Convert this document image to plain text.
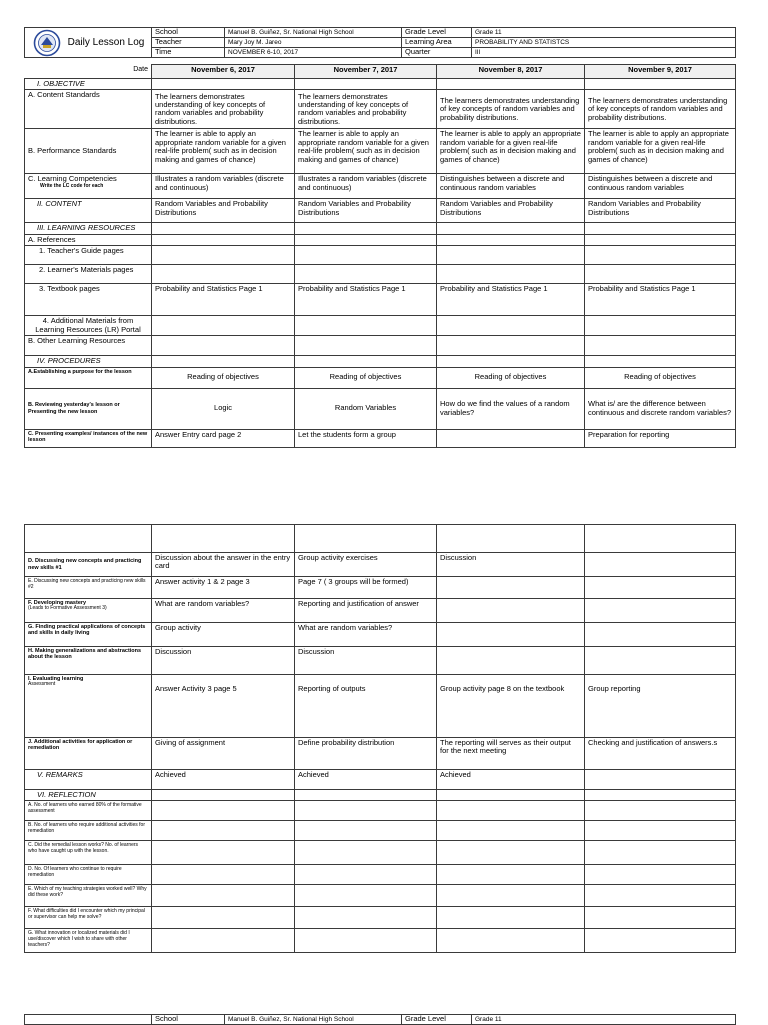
Daily Lesson Log	School	Manuel B. Guiñez, Sr. National High School	Grade Level	Grade 11
	Teacher	Mary Joy M. Jareo	Learning Area	PROBABILITY AND STATISTCS
	Time	NOVEMBER 6-10, 2017	Quarter	III
Date	November 6, 2017	November 7, 2017	November 8, 2017	November 9, 2017
I. OBJECTIVE				
A. Content Standards	The learners demonstrates understanding of key concepts of random variables and probability distributions.	The learners demonstrates understanding of key concepts of random variables and probability distributions.	The learners demonstrates understanding of key concepts of random variables and probability distributions.	The learners demonstrates understanding of key concepts of random variables and probability distributions.
B. Performance Standards	The learner is able to apply an appropriate random variable for a given real-life problem( such as in decision making and games of chance)	The learner is able to apply an appropriate random variable for a given real-life problem( such as in decision making and games of chance)	The learner is able to apply an appropriate random variable for a given real-life problem( such as in decision making and games of chance)	The learner is able to apply an appropriate random variable for a given real-life problem( such as in decision making and games of chance)
C. Learning Competencies
Write the LC code for each	Illustrates a random variables (discrete and continuous)	Illustrates a random variables (discrete and continuous)	Distinguishes between a discrete and continuous random variables	Distinguishes between a discrete and continuous random variables
II. CONTENT	Random Variables and Probability Distributions	Random Variables and Probability Distributions	Random Variables and Probability Distributions	Random Variables and Probability Distributions
III. LEARNING RESOURCES				
A. References				
1. Teacher's Guide pages				
2. Learner's Materials pages				
3. Textbook pages	Probability and Statistics Page 1	Probability and Statistics Page 1	Probability and Statistics Page 1	Probability and Statistics Page 1
4. Additional Materials from Learning Resources (LR) Portal				
B. Other Learning Resources				
IV. PROCEDURES				
A.Establishing a purpose for the lesson	Reading of objectives	Reading of objectives	Reading of objectives	Reading of objectives
B. Reviewing yesterday's lesson or Presenting the new lesson	Logic	Random Variables	How do we find the values of a random variables?	What is/ are the difference between continuous and discrete random variables?
C. Presenting examples/ instances of the new lesson	Answer Entry card page 2	Let the students form a group		Preparation for reporting

D. Discussing new concepts and practicing new skills #1	Discussion about the answer in the entry card	Group activity exercises	Discussion	
E. Discussing new concepts and practicing new skills #2	Answer activity 1 & 2 page 3	Page 7 ( 3 groups will be formed)		
F. Developing mastery
(Leads to Formative Assessment 3)	What are random variables?	Reporting and justification of answer		
G. Finding practical applications of concepts and skills in daily living	Group activity	What are random variables?		
H. Making generalizations and abstractions about the lesson	Discussion	Discussion		
I. Evaluating learning
Assessment	Answer Activity 3 page 5	Reporting of outputs	Group activity page 8 on the textbook	Group reporting
J. Additional activities for application or remediation	Giving of assignment	Define probability distribution	The reporting will serves as their output for the next meeting	Checking and justification of answers.s
V. REMARKS	Achieved	Achieved	Achieved	
VI. REFLECTION				
A. No. of learners who earned 80% of the formative assessment				
B. No. of learners who require additional activities for remediation				
C. Did the remedial lesson works? No. of learners who have caught up with the lesson.				
D. No. Of learners who continue to require remediation				
E. Which of my teaching strategies worked well? Why did these work?				
F. What difficulties did I encounter which my principal or supervisor can help me solve?				
G. What innovation or localized materials did I use/discover which I wish to share with other teachers?				
	School	Manuel B. Guiñez, Sr. National High School	Grade Level	Grade 11
